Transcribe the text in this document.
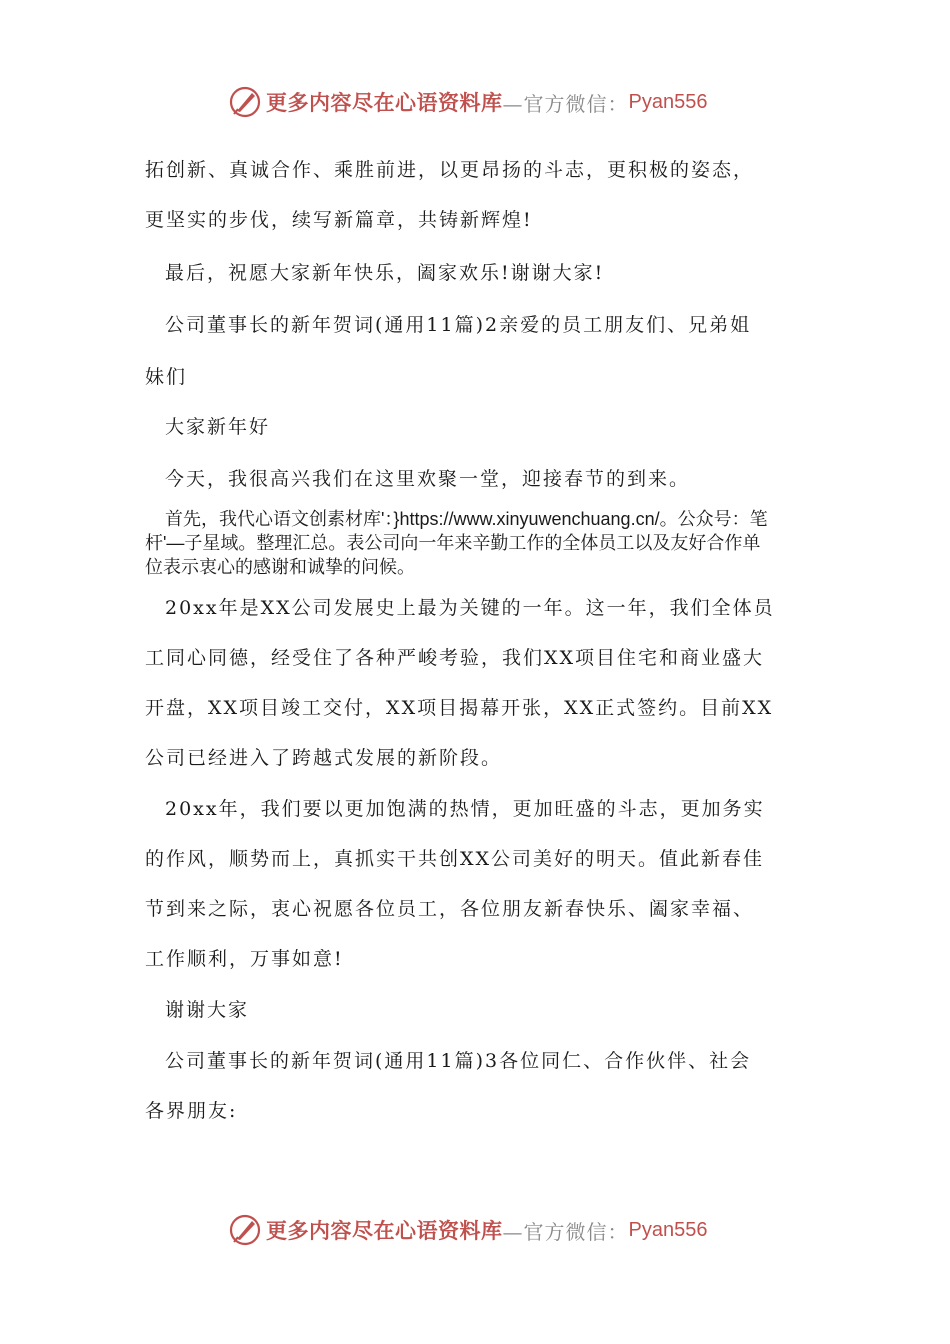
更多内容尽在心语资料库 —官方微信： Pyan556
拓创新、真诚合作、乘胜前进，以更昂扬的斗志，更积极的姿态，
更坚实的步伐，续写新篇章，共铸新辉煌!
最后，祝愿大家新年快乐，阖家欢乐!谢谢大家!
公司董事长的新年贺词(通用11篇)2亲爱的员工朋友们、兄弟姐
妹们
大家新年好
今天，我很高兴我们在这里欢聚一堂，迎接春节的到来。
首先，我代心语文创素材库'：}https://www.xinyuwenchuang.cn/。公众号：笔
杆'—子星域。整理汇总。表公司向一年来辛勤工作的全体员工以及友好合作单
位表示衷心的感谢和诚挚的问候。
20xx年是XX公司发展史上最为关键的一年。这一年，我们全体员
工同心同德，经受住了各种严峻考验，我们XX项目住宅和商业盛大
开盘，XX项目竣工交付，XX项目揭幕开张，XX正式签约。目前XX
公司已经进入了跨越式发展的新阶段。
20xx年，我们要以更加饱满的热情，更加旺盛的斗志，更加务实
的作风，顺势而上，真抓实干共创XX公司美好的明天。值此新春佳
节到来之际，衷心祝愿各位员工，各位朋友新春快乐、阖家幸福、
工作顺利，万事如意!
谢谢大家
公司董事长的新年贺词(通用11篇)3各位同仁、合作伙伴、社会
各界朋友:
更多内容尽在心语资料库 —官方微信： Pyan556
